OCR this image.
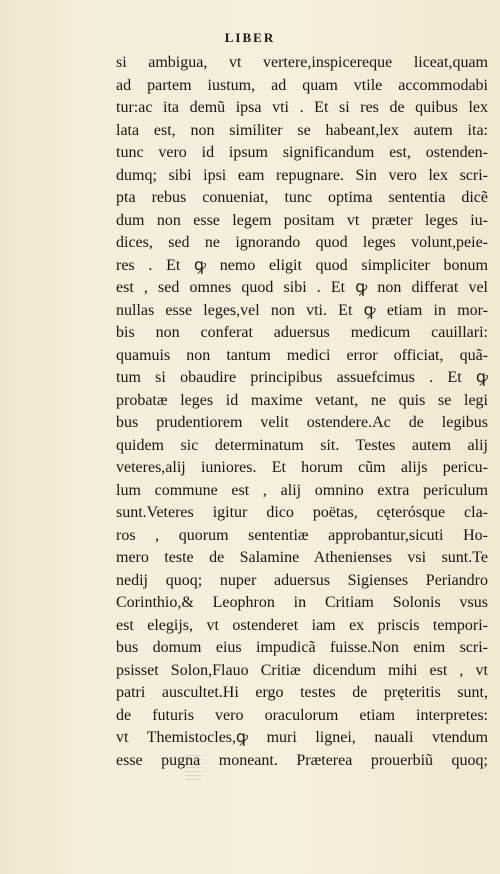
LIBER
si ambigua, vt vertere,inspicereque liceat,quam
ad partem iustum, ad quam vtile accommodabi
tur:ac ita demũ ipsa vti . Et si res de quibus lex
lata est, non similiter se habeant,lex autem ita:
tunc vero id ipsum significandum est, ostenden-
dumq; sibi ipsi eam repugnare. Sin vero lex scri-
pta rebus conueniat, tunc optima sententia dicẽ
dum non esse legem positam vt præter leges iu-
dices, sed ne ignorando quod leges volunt,peie-
res . Et ꝙ nemo eligit quod simpliciter bonum
est , sed omnes quod sibi . Et ꝙ non differat vel
nullas esse leges,vel non vti. Et ꝙ etiam in mor-
bis non conferat aduersus medicum cauillari:
quamuis non tantum medici error officiat, quã-
tum si obaudire principibus assuefcimus . Et ꝙ
probatæ leges id maxime vetant, ne quis se legi
bus prudentiorem velit ostendere.Ac de legibus
quidem sic determinatum sit. Testes autem alij
veteres,alij iuniores. Et horum cũm alijs pericu-
lum commune est , alij omnino extra periculum
sunt.Veteres igitur dico poëtas, cęterósque cla-
ros , quorum sententiæ approbantur,sicuti Ho-
mero teste de Salamine Athenienses vsi sunt.Te
nedij quoq; nuper aduersus Sigienses Periandro
Corinthio,& Leophron in Critiam Solonis vsus
est elegijs, vt ostenderet iam ex priscis tempori-
bus domum eius impudicã fuisse.Non enim scri-
psisset Solon,Flauo Critiæ dicendum mihi est , vt
patri auscultet.Hi ergo testes de pręteritis sunt,
de futuris vero oraculorum etiam interpretes:
vt Themistocles,ꝙ muri lignei, nauali vtendum
esse pugna moneant. Præterea prouerbiũ quoq;
